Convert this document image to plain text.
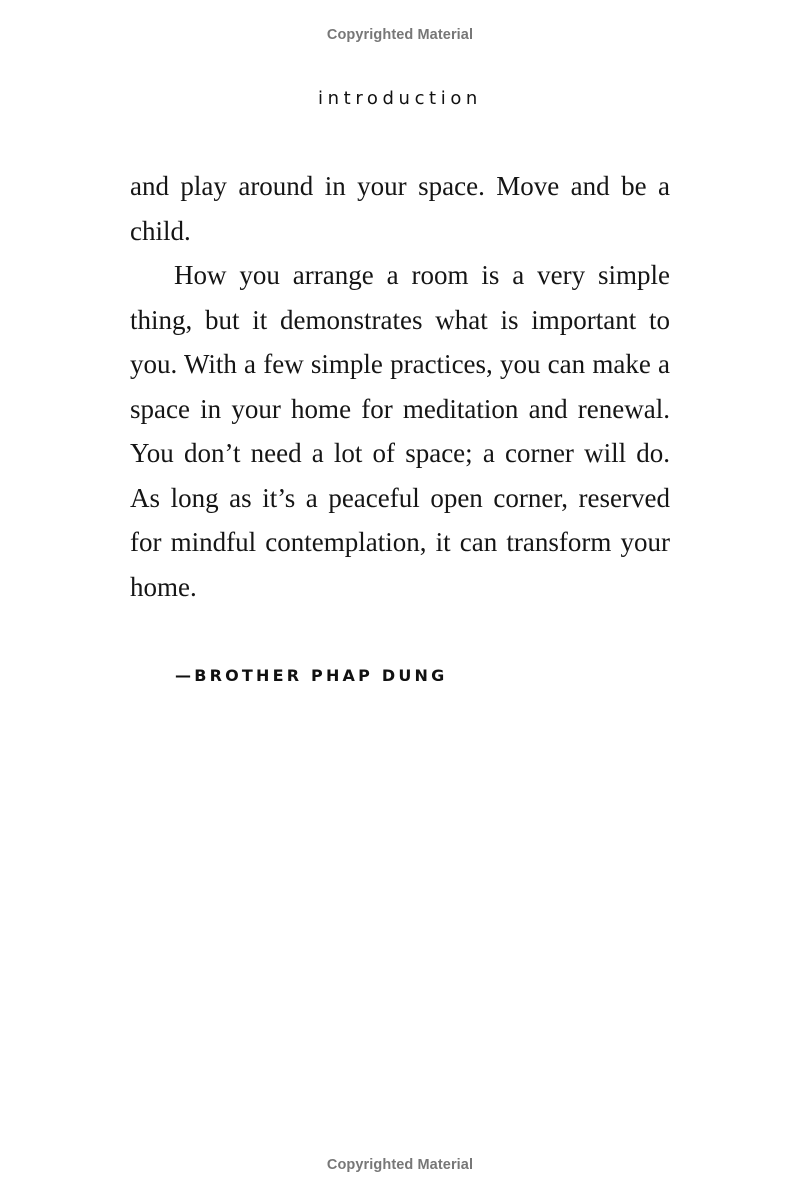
Copyrighted Material
introduction

and play around in your space. Move and be a child.

How you arrange a room is a very simple thing, but it demonstrates what is important to you. With a few simple practices, you can make a space in your home for meditation and renewal. You don’t need a lot of space; a corner will do. As long as it’s a peaceful open corner, reserved for mindful contemplation, it can transform your home.

—BROTHER PHAP DUNG
Copyrighted Material
